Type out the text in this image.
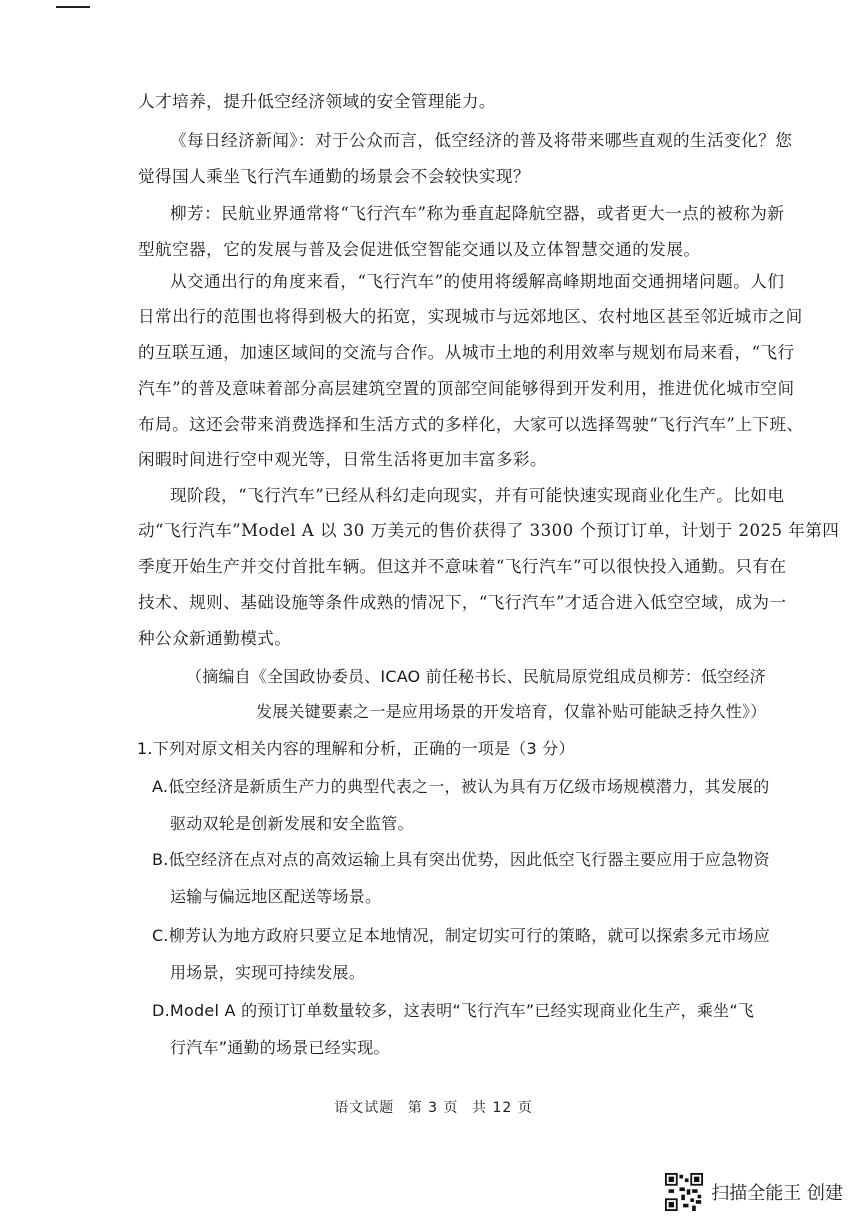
人才培养，提升低空经济领域的安全管理能力。
《每日经济新闻》：对于公众而言，低空经济的普及将带来哪些直观的生活变化？您
觉得国人乘坐飞行汽车通勤的场景会不会较快实现？
柳芳：民航业界通常将“飞行汽车”称为垂直起降航空器，或者更大一点的被称为新
型航空器，它的发展与普及会促进低空智能交通以及立体智慧交通的发展。
从交通出行的角度来看，“飞行汽车”的使用将缓解高峰期地面交通拥堵问题。人们
日常出行的范围也将得到极大的拓宽，实现城市与远郊地区、农村地区甚至邻近城市之间
的互联互通，加速区域间的交流与合作。从城市土地的利用效率与规划布局来看，“飞行
汽车”的普及意味着部分高层建筑空置的顶部空间能够得到开发利用，推进优化城市空间
布局。这还会带来消费选择和生活方式的多样化，大家可以选择驾驶“飞行汽车”上下班、
闲暇时间进行空中观光等，日常生活将更加丰富多彩。
现阶段，“飞行汽车”已经从科幻走向现实，并有可能快速实现商业化生产。比如电
动“飞行汽车”Model A 以 30 万美元的售价获得了 3300 个预订订单，计划于 2025 年第四
季度开始生产并交付首批车辆。但这并不意味着“飞行汽车”可以很快投入通勤。只有在
技术、规则、基础设施等条件成熟的情况下，“飞行汽车”才适合进入低空空域，成为一
种公众新通勤模式。
（摘编自《全国政协委员、ICAO 前任秘书长、民航局原党组成员柳芳：低空经济
发展关键要素之一是应用场景的开发培育，仅靠补贴可能缺乏持久性》）
1.下列对原文相关内容的理解和分析，正确的一项是（3 分）
A.低空经济是新质生产力的典型代表之一，被认为具有万亿级市场规模潜力，其发展的
驱动双轮是创新发展和安全监管。
B.低空经济在点对点的高效运输上具有突出优势，因此低空飞行器主要应用于应急物资
运输与偏远地区配送等场景。
C.柳芳认为地方政府只要立足本地情况，制定切实可行的策略，就可以探索多元市场应
用场景，实现可持续发展。
D.Model A 的预订订单数量较多，这表明“飞行汽车”已经实现商业化生产，乘坐“飞
行汽车”通勤的场景已经实现。
语文试题 第 3 页 共 12 页
扫描全能王 创建
